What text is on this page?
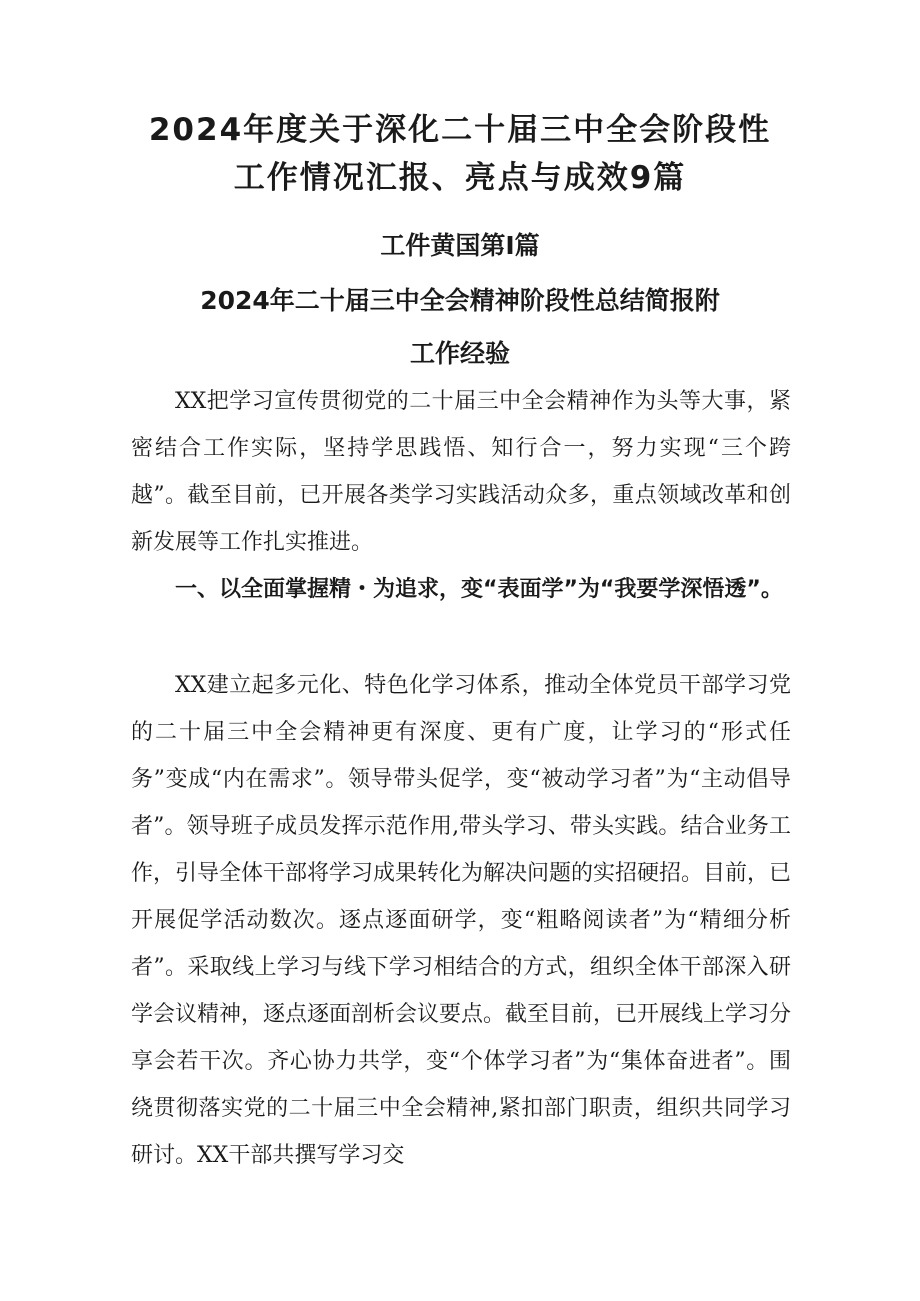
2024年度关于深化二十届三中全会阶段性
工作情况汇报、亮点与成效9篇
工件黄国第I篇
2024年二十届三中全会精神阶段性总结简报附
工作经验

XX把学习宣传贯彻党的二十届三中全会精神作为头等大事，紧密结合工作实际，坚持学思践悟、知行合一，努力实现“三个跨越”。截至目前，已开展各类学习实践活动众多，重点领域改革和创新发展等工作扎实推进。

一、以全面掌握精・为追求，变“表面学”为“我要学深悟透”。

XX建立起多元化、特色化学习体系，推动全体党员干部学习党的二十届三中全会精神更有深度、更有广度，让学习的“形式任务”变成“内在需求”。领导带头促学，变“被动学习者”为“主动倡导者”。领导班子成员发挥示范作用,带头学习、带头实践。结合业务工作，引导全体干部将学习成果转化为解决问题的实招硬招。目前，已开展促学活动数次。逐点逐面研学，变“粗略阅读者”为“精细分析者”。采取线上学习与线下学习相结合的方式，组织全体干部深入研学会议精神，逐点逐面剖析会议要点。截至目前，已开展线上学习分享会若干次。齐心协力共学，变“个体学习者”为“集体奋进者”。围绕贯彻落实党的二十届三中全会精神,紧扣部门职责，组织共同学习研讨。XX干部共撰写学习交
